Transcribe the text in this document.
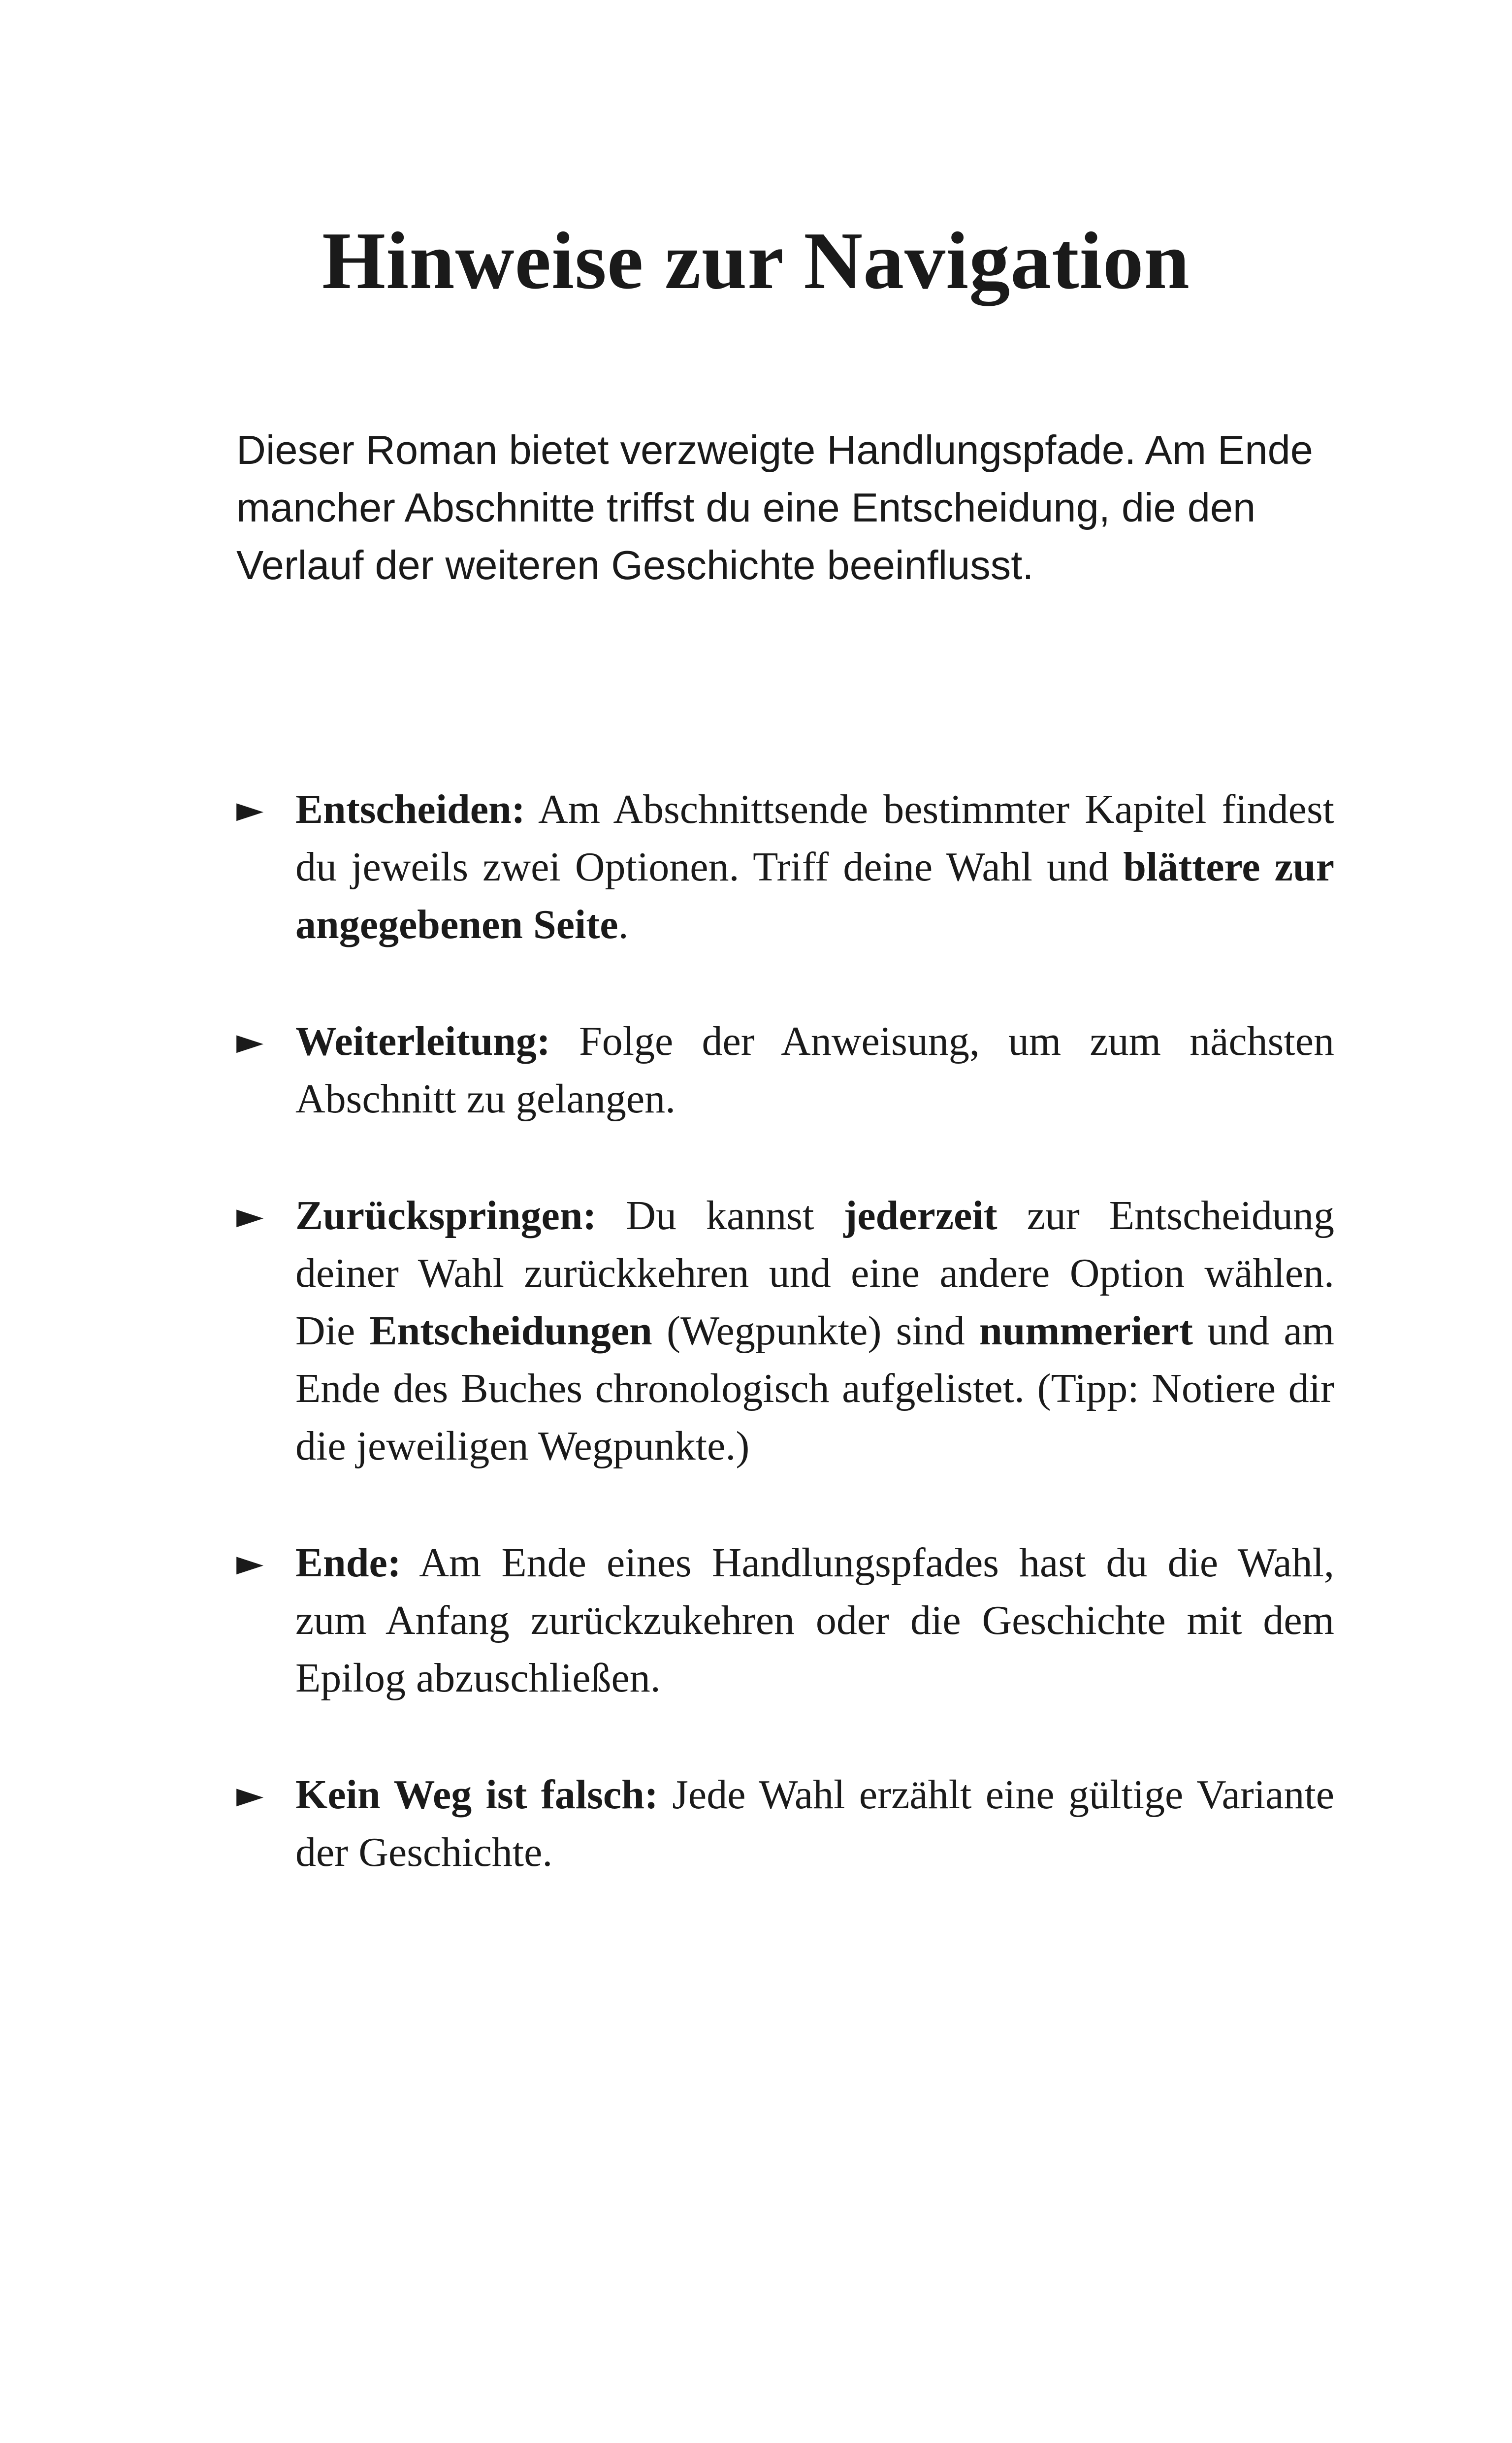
Hinweise zur Navigation

Dieser Roman bietet verzweigte Handlungspfade. Am Ende mancher Abschnitte triffst du eine Entscheidung, die den Verlauf der weiteren Geschichte beeinflusst.

► Entscheiden: Am Abschnittsende bestimmter Kapitel findest du jeweils zwei Optionen. Triff deine Wahl und blättere zur angegebenen Seite.
► Weiterleitung: Folge der Anweisung, um zum nächsten Abschnitt zu gelangen.
► Zurückspringen: Du kannst jederzeit zur Entscheidung deiner Wahl zurückkehren und eine andere Option wählen. Die Entscheidungen (Wegpunkte) sind nummeriert und am Ende des Buches chronologisch aufgelistet. (Tipp: Notiere dir die jeweiligen Wegpunkte.)
► Ende: Am Ende eines Handlungspfades hast du die Wahl, zum Anfang zurückzukehren oder die Geschichte mit dem Epilog abzuschließen.
► Kein Weg ist falsch: Jede Wahl erzählt eine gültige Variante der Geschichte.
